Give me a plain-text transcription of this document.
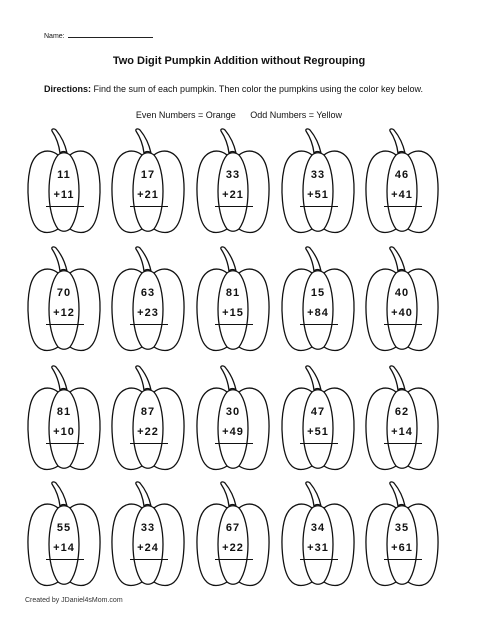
Name:
Two Digit Pumpkin Addition without Regrouping
Directions: Find the sum of each pumpkin. Then color the pumpkins using the color key below.
Even Numbers = Orange Odd Numbers = Yellow
11
+11
17
+21
33
+21
33
+51
46
+41
70
+12
63
+23
81
+15
15
+84
40
+40
81
+10
87
+22
30
+49
47
+51
62
+14
55
+14
33
+24
67
+22
34
+31
35
+61
Created by JDaniel4sMom.com
